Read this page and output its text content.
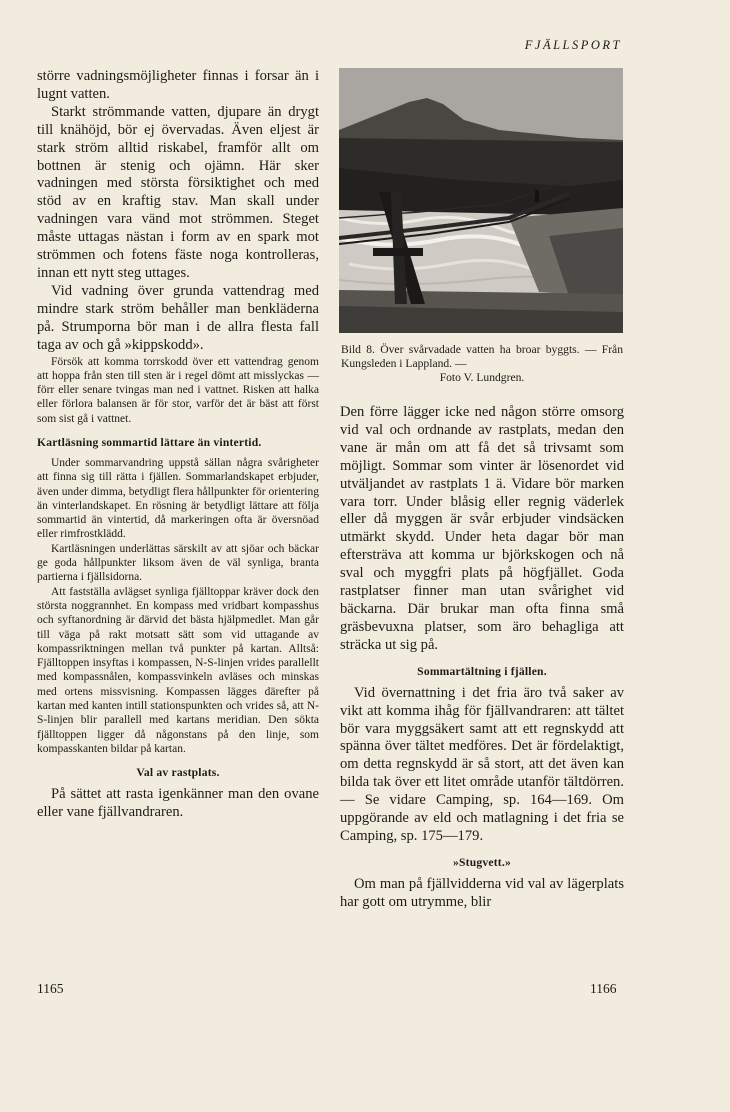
FJÄLLSPORT

större vadningsmöjligheter finnas i forsar än i lugnt vatten.

Starkt strömmande vatten, djupare än drygt till knähöjd, bör ej övervadas. Även eljest är stark ström alltid riskabel, framför allt om bottnen är stenig och ojämn. Här sker vadningen med största försiktighet och med stöd av en kraftig stav. Man skall under vadningen vara vänd mot strömmen. Steget måste uttagas nästan i form av en spark mot strömmen och fotens fäste noga kontrolleras, innan ett nytt steg uttages.

Vid vadning över grunda vattendrag med mindre stark ström behåller man benkläderna på. Strumporna bör man i de allra flesta fall taga av och gå »kippskodd».

Försök att komma torrskodd över ett vattendrag genom att hoppa från sten till sten är i regel dömt att misslyckas — förr eller senare tvingas man ned i vattnet. Risken att halka eller förlora balansen är för stor, varför det är bäst att först som sist gå i vattnet.

Kartläsning sommartid lättare än vintertid.

Under sommarvandring uppstå sällan några svårigheter att finna sig till rätta i fjällen. Sommarlandskapet erbjuder, även under dimma, betydligt flera hållpunkter för orientering än vinterlandskapet. En rösning är betydligt lättare att följa sommartid än vintertid, då markeringen ofta är översnöad eller rimfrostklädd.

Kartläsningen underlättas särskilt av att sjöar och bäckar ge goda hållpunkter liksom även de väl synliga, branta partierna i fjällsidorna.

Att fastställa avlägset synliga fjälltoppar kräver dock den största noggrannhet. En kompass med vridbart kompasshus och syftanordning är därvid det bästa hjälpmedlet. Man går till väga på rakt motsatt sätt som vid uttagande av kompassriktningen mellan två punkter på kartan. Alltså: Fjälltoppen insyftas i kompassen, N-S-linjen vrides parallellt med kompassnålen, kompassvinkeln avläses och minskas med ortens missvisning. Kompassen lägges därefter på kartan med kanten intill stationspunkten och vrides så, att N-S-linjen blir parallell med kartans meridian. Den sökta fjälltoppen ligger då någonstans på den linje, som kompasskanten bildar på kartan.

Val av rastplats.

På sättet att rasta igenkänner man den ovane eller vane fjällvandraren.

Bild 8. Över svårvadade vatten ha broar byggts. — Från Kungsleden i Lappland. —
Foto V. Lundgren.

Den förre lägger icke ned någon större omsorg vid val och ordnande av rastplats, medan den vane är mån om att få det så trivsamt som möjligt. Sommar som vinter är lösenordet vid utväljandet av rastplats 1 ä. Vidare bör marken vara torr. Under blåsig eller regnig väderlek eller då myggen är svår erbjuder vindsäcken utmärkt skydd. Under heta dagar bör man eftersträva att komma ur björkskogen och nå sval och myggfri plats på högfjället. Goda rastplatser finner man utan svårighet vid bäckarna. Där brukar man ofta finna små gräsbevuxna platser, som äro behagliga att sträcka ut sig på.

Sommartältning i fjällen.

Vid övernattning i det fria äro två saker av vikt att komma ihåg för fjällvandraren: att tältet bör vara myggsäkert samt att ett regnskydd att spänna över tältet medföres. Det är fördelaktigt, om detta regnskydd är så stort, att det även kan bilda tak över ett litet område utanför tältdörren. — Se vidare Camping, sp. 164—169. Om uppgörande av eld och matlagning i det fria se Camping, sp. 175—179.

»Stugvett.»

Om man på fjällvidderna vid val av lägerplats har gott om utrymme, blir

1165	1166
